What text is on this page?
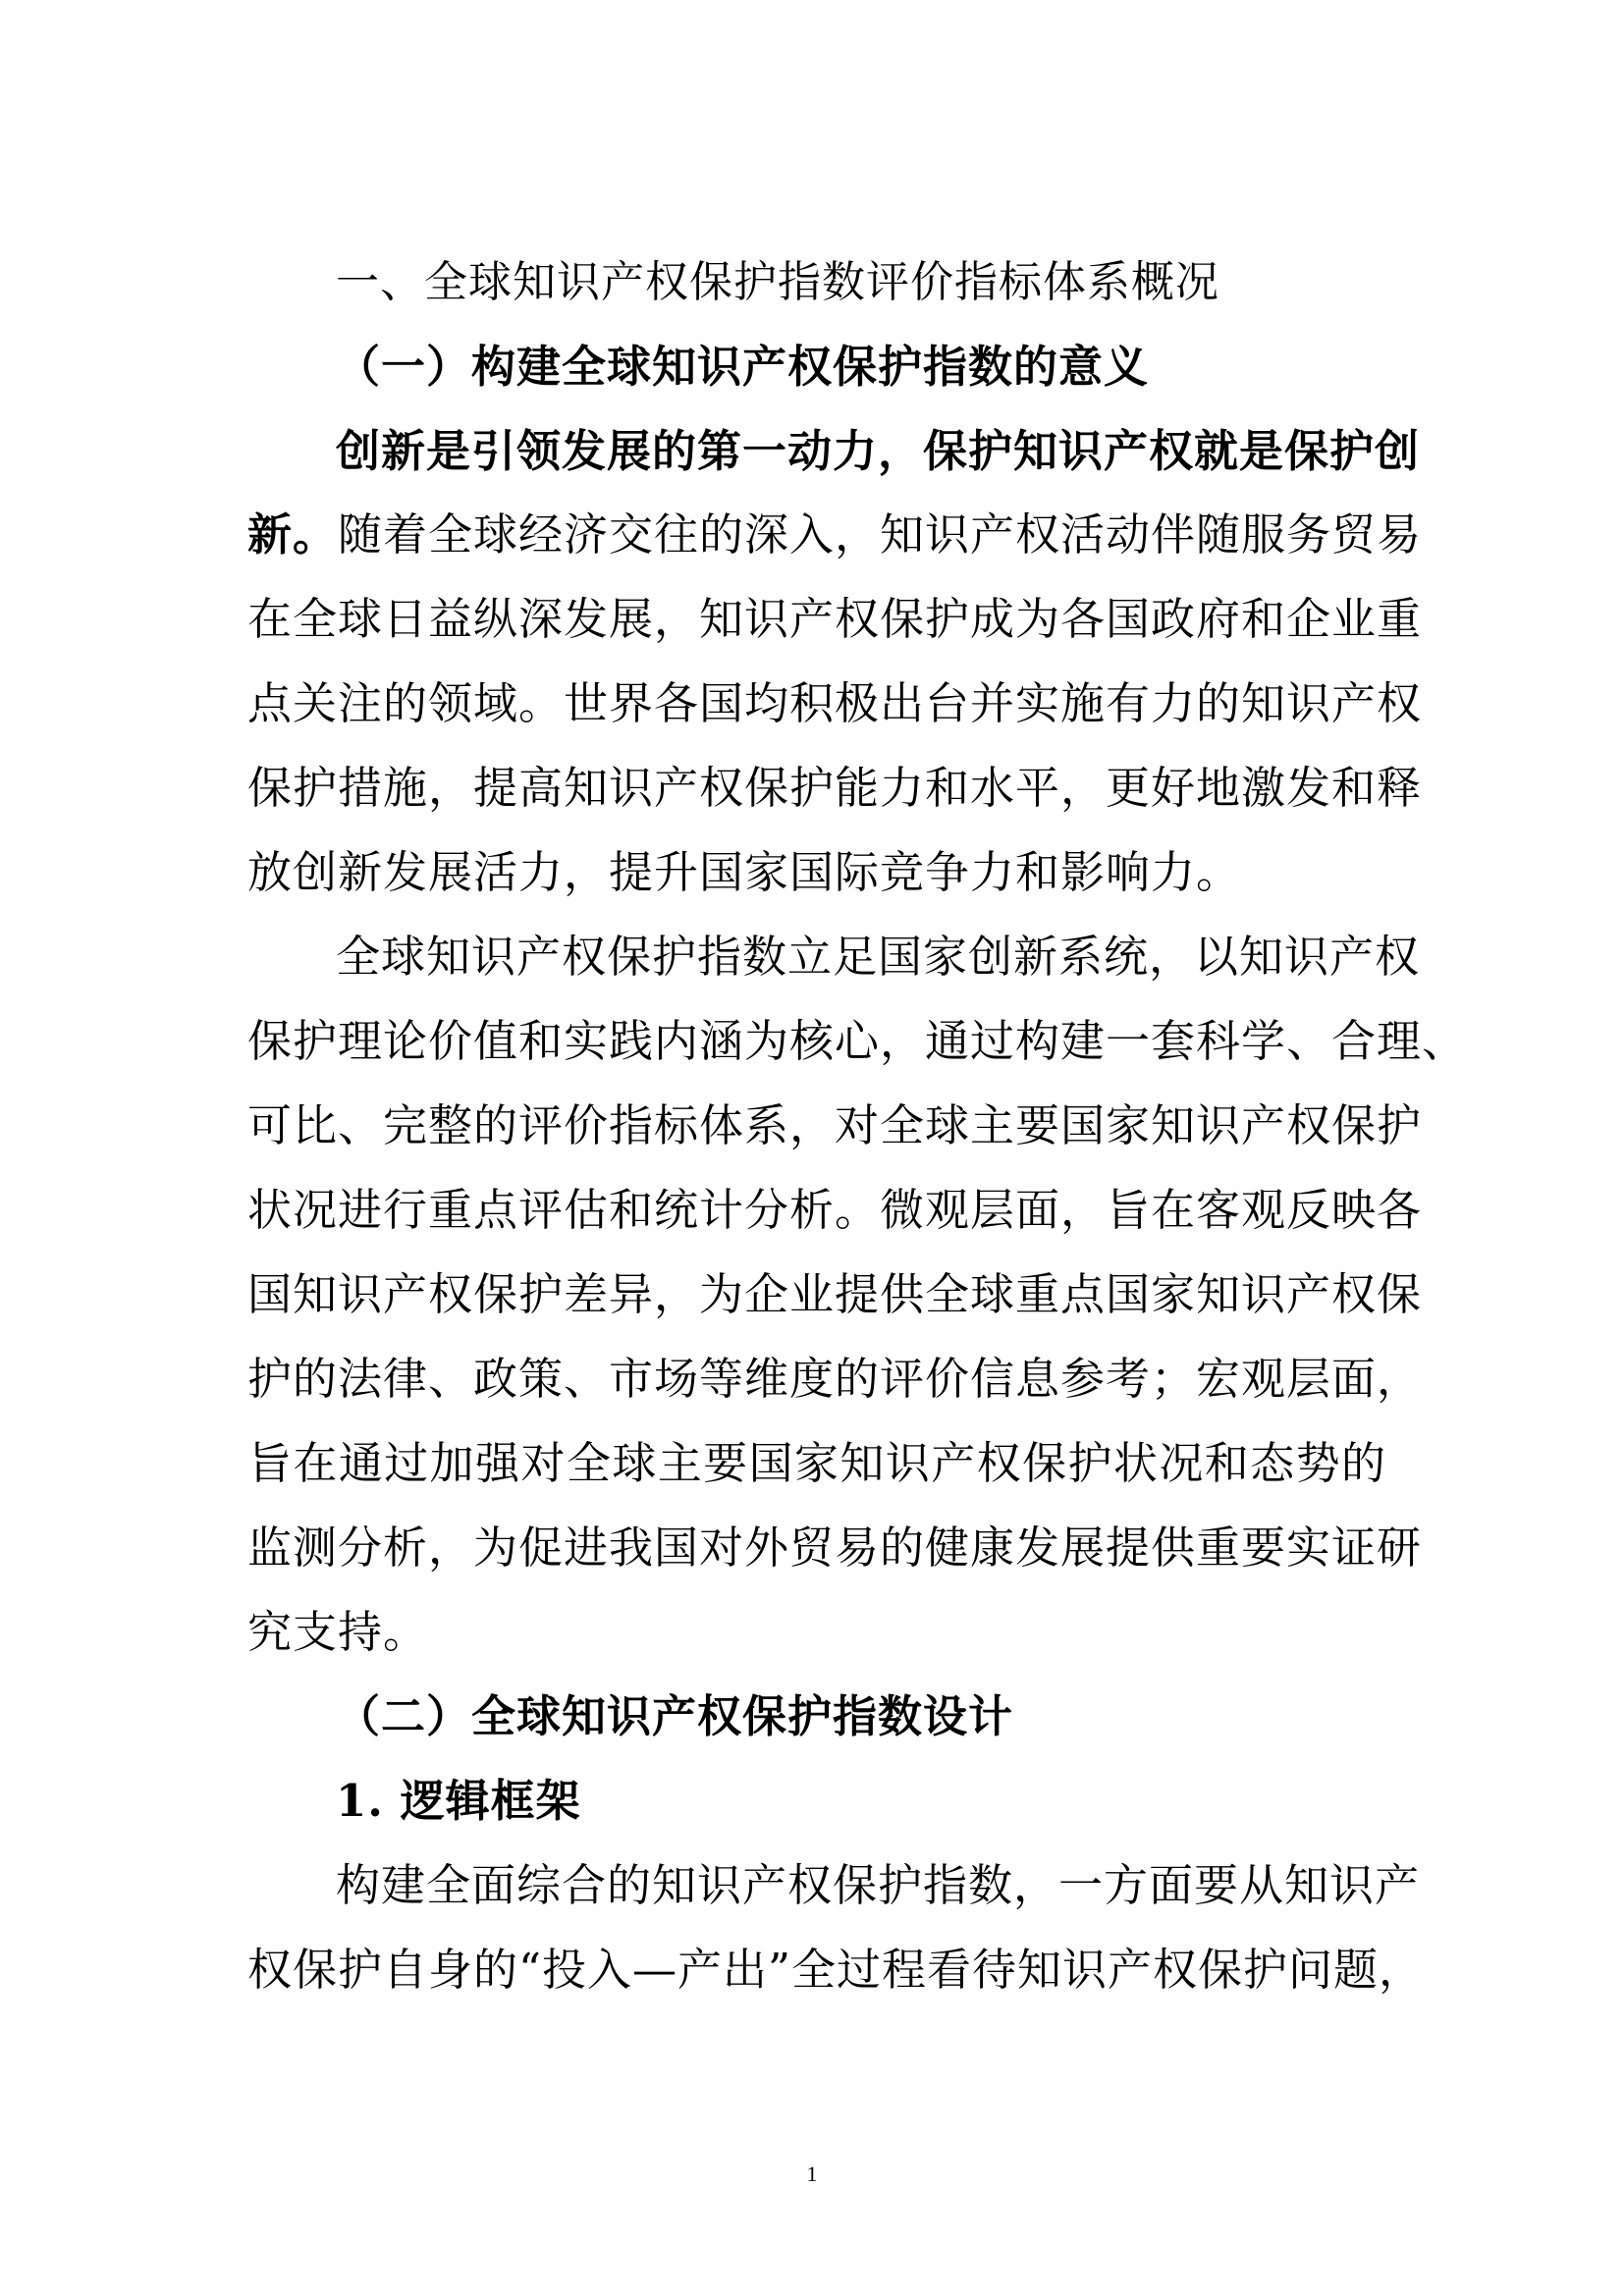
一、全球知识产权保护指数评价指标体系概况
（一）构建全球知识产权保护指数的意义
创新是引领发展的第一动力，保护知识产权就是保护创
新。随着全球经济交往的深入，知识产权活动伴随服务贸易
在全球日益纵深发展，知识产权保护成为各国政府和企业重
点关注的领域。世界各国均积极出台并实施有力的知识产权
保护措施，提高知识产权保护能力和水平，更好地激发和释
放创新发展活力，提升国家国际竞争力和影响力。
全球知识产权保护指数立足国家创新系统，以知识产权
保护理论价值和实践内涵为核心，通过构建一套科学、合理、
可比、完整的评价指标体系，对全球主要国家知识产权保护
状况进行重点评估和统计分析。微观层面，旨在客观反映各
国知识产权保护差异，为企业提供全球重点国家知识产权保
护的法律、政策、市场等维度的评价信息参考；宏观层面，
旨在通过加强对全球主要国家知识产权保护状况和态势的
监测分析，为促进我国对外贸易的健康发展提供重要实证研
究支持。
（二）全球知识产权保护指数设计
1. 逻辑框架
构建全面综合的知识产权保护指数，一方面要从知识产
权保护自身的“投入—产出”全过程看待知识产权保护问题，
1
